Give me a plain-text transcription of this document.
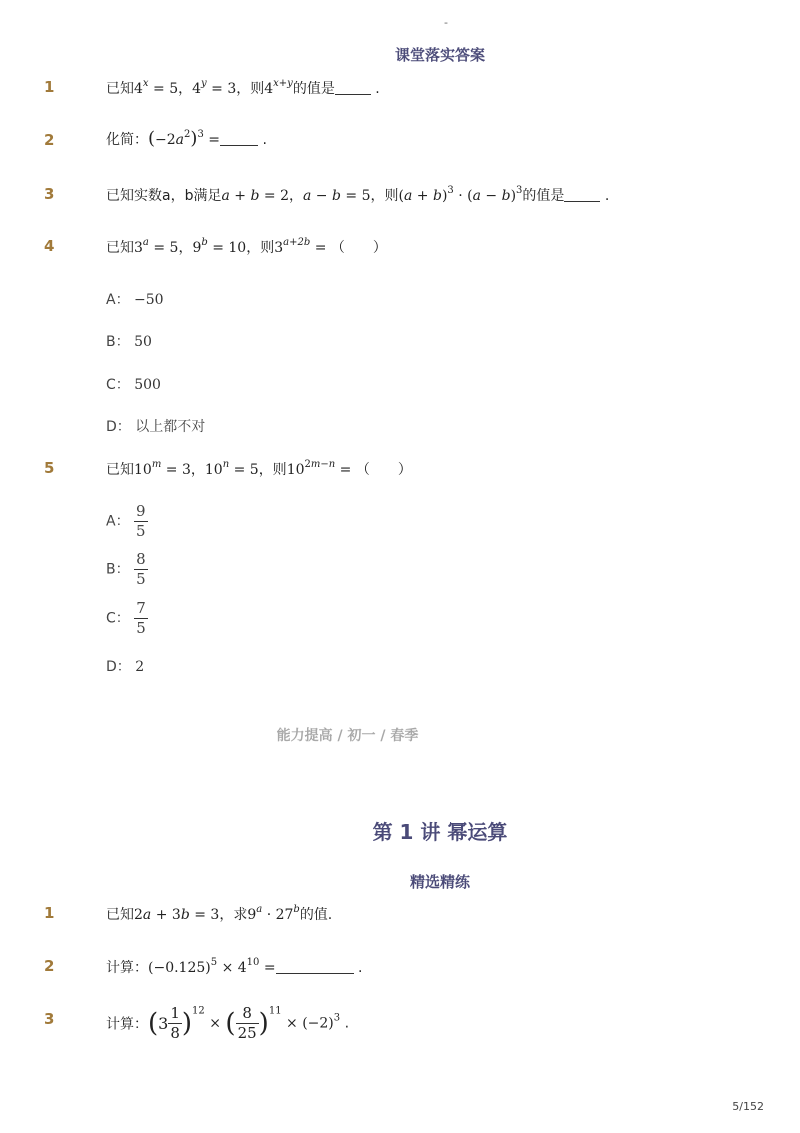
-
课堂落实答案
1	已知$4^x = 5$，$4^y = 3$，则$4^{x+y}$的值是	.
2	化简：$(-2a^2)^3$ =	.
3	已知实数a，b满足a + b = 2，a − b = 5，则$(a + b)^3 \cdot (a - b)^3$的值是	.
4	已知$3^a = 5$，$9^b = 10$，则$3^{a+2b}$ = （　　）
A： −50
B： 50
C： 500
D： 以上都不对
5	已知$10^m = 3$，$10^n = 5$，则$10^{2m-n}$ = （　　）
A： $\frac{9}{5}$
B： $\frac{8}{5}$
C： $\frac{7}{5}$
D： 2
能力提高 / 初一 / 春季
第 1 讲 幂运算
精选精练
1	已知2a + 3b = 3，求$9^a \cdot 27^b$的值.
2	计算：$(-0.125)^5 \times 4^{10}$ =	.
3	计算：$(3 \frac{1}{8} )^{12}$ × ( $\frac{8}{25} )^{11} \times (-2)^3$ .
5/152
